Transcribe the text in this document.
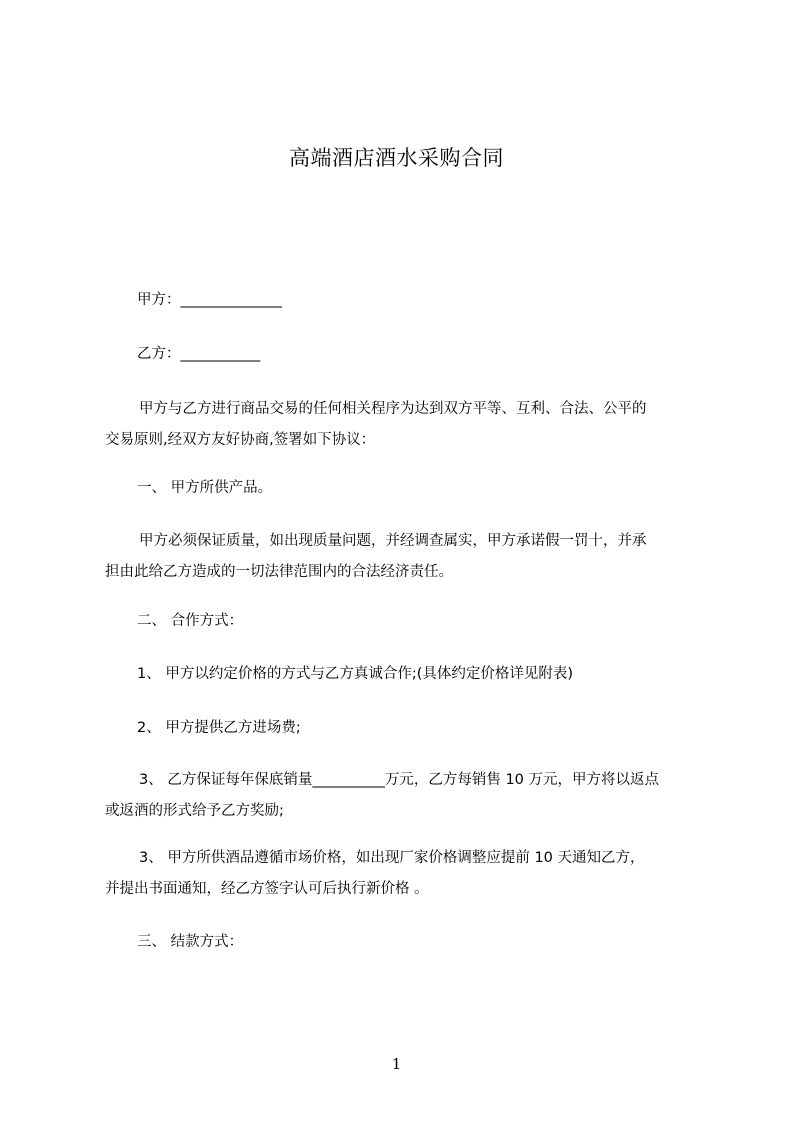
高端酒店酒水采购合同
甲方：______________
乙方：___________
甲方与乙方进行商品交易的任何相关程序为达到双方平等、互利、合法、公平的
交易原则,经双方友好协商,签署如下协议：
一、 甲方所供产品。
甲方必须保证质量，如出现质量问题，并经调查属实，甲方承诺假一罚十，并承
担由此给乙方造成的一切法律范围内的合法经济责任。
二、 合作方式：
1、 甲方以约定价格的方式与乙方真诚合作;(具体约定价格详见附表)
2、 甲方提供乙方进场费;
3、 乙方保证每年保底销量__________万元，乙方每销售 10 万元，甲方将以返点
或返酒的形式给予乙方奖励;
3、 甲方所供酒品遵循市场价格，如出现厂家价格调整应提前 10 天通知乙方，
并提出书面通知，经乙方签字认可后执行新价格 。
三、 结款方式：
1
